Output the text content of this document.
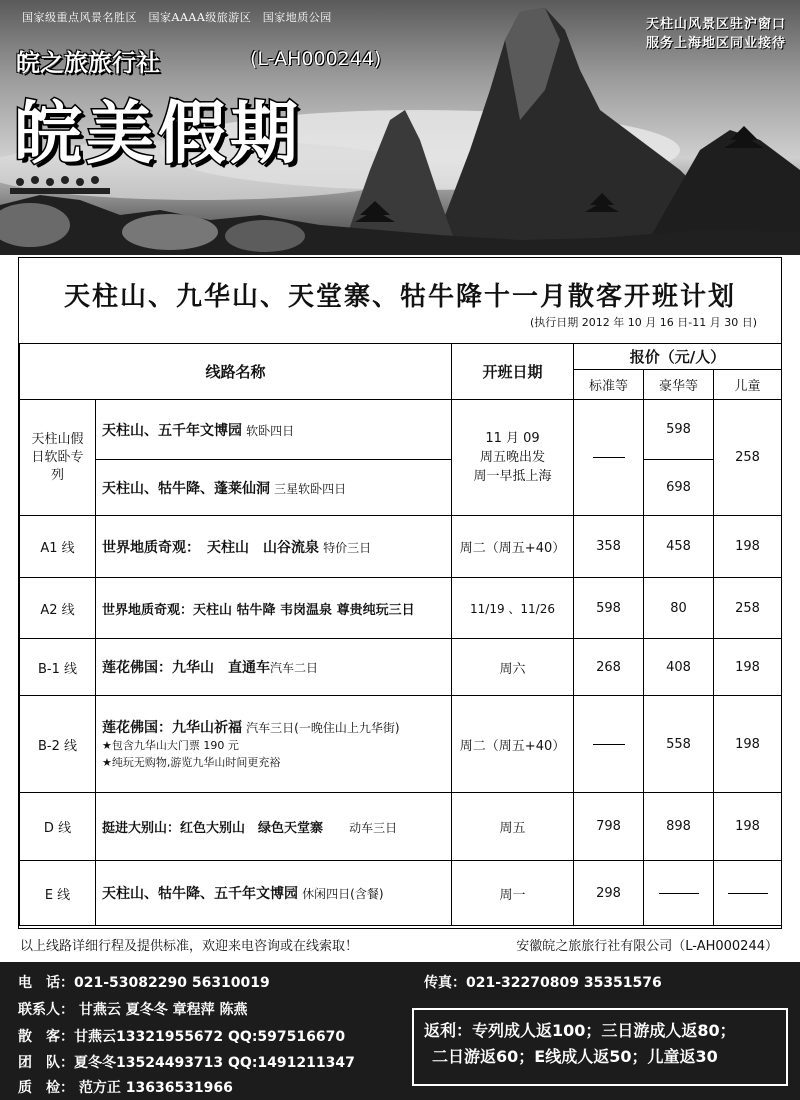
国家级重点风景名胜区　国家AAAA级旅游区　国家地质公园
皖之旅旅行社	(L-AH000244)
皖美假期
天柱山风景区驻沪窗口
服务上海地区同业接待
天柱山、九华山、天堂寨、牯牛降十一月散客开班计划
(执行日期 2012 年 10 月 16 日-11 月 30 日)
线路名称		开班日期	报价（元/人）		
			标准等	豪华等	儿童
天柱山假日软卧专列	天柱山、五千年文博园 软卧四日	11 月 09
周五晚出发
周一早抵上海		598	258
	天柱山、牯牛降、蓬莱仙洞 三星软卧四日			698	
A1 线	世界地质奇观：　天柱山　山谷流泉 特价三日	周二（周五+40）	358	458	198
A2 线	世界地质奇观：天柱山 牯牛降 韦岗温泉 尊贵纯玩三日	11/19 、11/26	598	80	258
B-1 线	莲花佛国：九华山　直通车汽车二日	周六	268	408	198
B-2 线	莲花佛国：九华山祈福 汽车三日(一晚住山上九华街)
★包含九华山大门票 190 元
★纯玩无购物,游览九华山时间更充裕	周二（周五+40）		558	198
D 线	挺进大别山：红色大别山　绿色天堂寨 动车三日	周五	798	898	198
E 线	天柱山、牯牛降、五千年文博园 休闲四日(含餐)	周一	298		
以上线路详细行程及提供标准，欢迎来电咨询或在线索取！	安徽皖之旅旅行社有限公司（L-AH000244）
电　话：021-53082290 56310019	传真：021-32270809 35351576
联系人： 甘燕云 夏冬冬 章程萍 陈燕
散　客：甘燕云13321955672 QQ:597516670
团　队：夏冬冬13524493713 QQ:1491211347
质　检： 范方正 13636531966
返利：专列成人返100；三日游成人返80；
二日游返60；E线成人返50；儿童返30
